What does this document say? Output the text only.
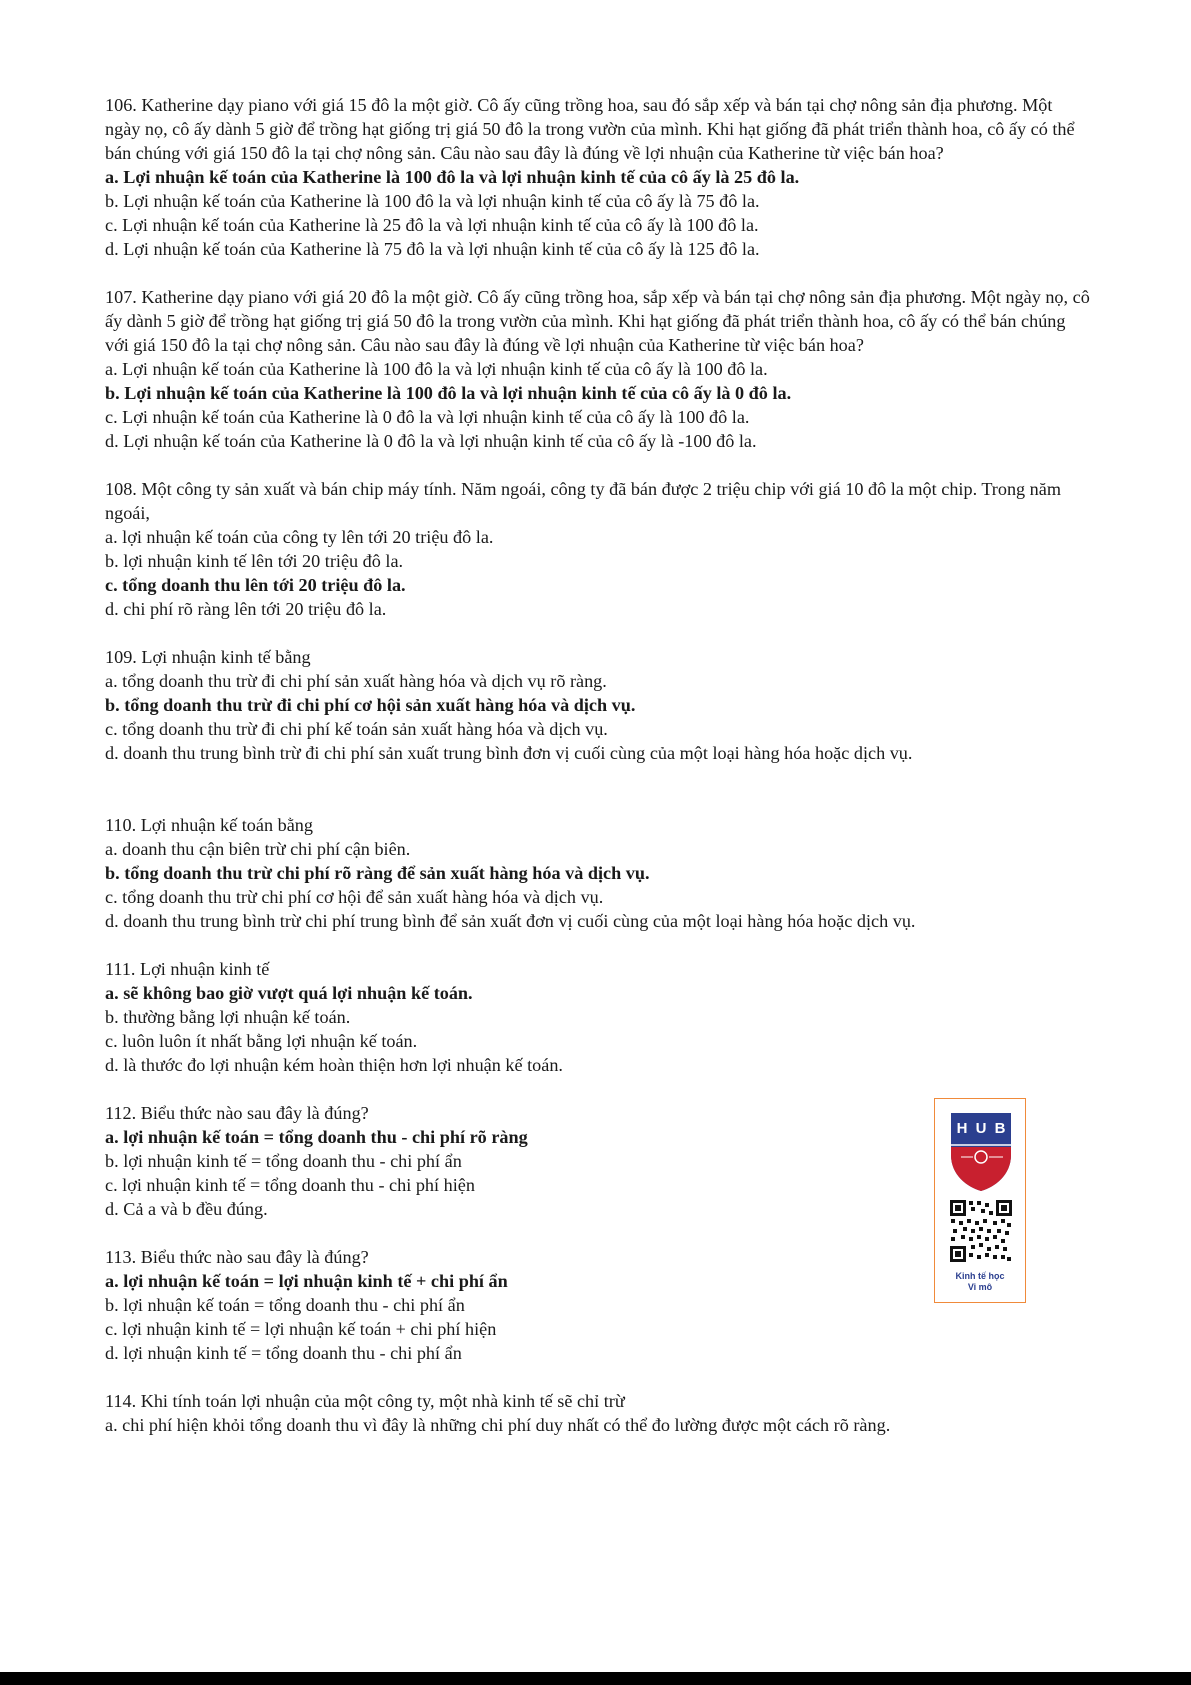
106. Katherine dạy piano với giá 15 đô la một giờ. Cô ấy cũng trồng hoa, sau đó sắp xếp và bán tại chợ nông sản địa phương. Một ngày nọ, cô ấy dành 5 giờ để trồng hạt giống trị giá 50 đô la trong vườn của mình. Khi hạt giống đã phát triển thành hoa, cô ấy có thể bán chúng với giá 150 đô la tại chợ nông sản. Câu nào sau đây là đúng về lợi nhuận của Katherine từ việc bán hoa?

a. Lợi nhuận kế toán của Katherine là 100 đô la và lợi nhuận kinh tế của cô ấy là 25 đô la.

b. Lợi nhuận kế toán của Katherine là 100 đô la và lợi nhuận kinh tế của cô ấy là 75 đô la.

c. Lợi nhuận kế toán của Katherine là 25 đô la và lợi nhuận kinh tế của cô ấy là 100 đô la.

d. Lợi nhuận kế toán của Katherine là 75 đô la và lợi nhuận kinh tế của cô ấy là 125 đô la.

107. Katherine dạy piano với giá 20 đô la một giờ. Cô ấy cũng trồng hoa, sắp xếp và bán tại chợ nông sản địa phương. Một ngày nọ, cô ấy dành 5 giờ để trồng hạt giống trị giá 50 đô la trong vườn của mình. Khi hạt giống đã phát triển thành hoa, cô ấy có thể bán chúng với giá 150 đô la tại chợ nông sản. Câu nào sau đây là đúng về lợi nhuận của Katherine từ việc bán hoa?

a. Lợi nhuận kế toán của Katherine là 100 đô la và lợi nhuận kinh tế của cô ấy là 100 đô la.

b. Lợi nhuận kế toán của Katherine là 100 đô la và lợi nhuận kinh tế của cô ấy là 0 đô la.

c. Lợi nhuận kế toán của Katherine là 0 đô la và lợi nhuận kinh tế của cô ấy là 100 đô la.

d. Lợi nhuận kế toán của Katherine là 0 đô la và lợi nhuận kinh tế của cô ấy là -100 đô la.

108. Một công ty sản xuất và bán chip máy tính. Năm ngoái, công ty đã bán được 2 triệu chip với giá 10 đô la một chip. Trong năm ngoái,

a. lợi nhuận kế toán của công ty lên tới 20 triệu đô la.

b. lợi nhuận kinh tế lên tới 20 triệu đô la.

c. tổng doanh thu lên tới 20 triệu đô la.

d. chi phí rõ ràng lên tới 20 triệu đô la.

109. Lợi nhuận kinh tế bằng

a. tổng doanh thu trừ đi chi phí sản xuất hàng hóa và dịch vụ rõ ràng.

b. tổng doanh thu trừ đi chi phí cơ hội sản xuất hàng hóa và dịch vụ.

c. tổng doanh thu trừ đi chi phí kế toán sản xuất hàng hóa và dịch vụ.

d. doanh thu trung bình trừ đi chi phí sản xuất trung bình đơn vị cuối cùng của một loại hàng hóa hoặc dịch vụ.

110. Lợi nhuận kế toán bằng

a. doanh thu cận biên trừ chi phí cận biên.

b. tổng doanh thu trừ chi phí rõ ràng để sản xuất hàng hóa và dịch vụ.

c. tổng doanh thu trừ chi phí cơ hội để sản xuất hàng hóa và dịch vụ.

d. doanh thu trung bình trừ chi phí trung bình để sản xuất đơn vị cuối cùng của một loại hàng hóa hoặc dịch vụ.

111. Lợi nhuận kinh tế

a. sẽ không bao giờ vượt quá lợi nhuận kế toán.

b. thường bằng lợi nhuận kế toán.

c. luôn luôn ít nhất bằng lợi nhuận kế toán.

d. là thước đo lợi nhuận kém hoàn thiện hơn lợi nhuận kế toán.

112. Biểu thức nào sau đây là đúng?

a. lợi nhuận kế toán = tổng doanh thu - chi phí rõ ràng

b. lợi nhuận kinh tế = tổng doanh thu - chi phí ẩn

c. lợi nhuận kinh tế = tổng doanh thu - chi phí hiện

d. Cả a và b đều đúng.

113. Biểu thức nào sau đây là đúng?

a. lợi nhuận kế toán = lợi nhuận kinh tế + chi phí ẩn

b. lợi nhuận kế toán = tổng doanh thu - chi phí ẩn

c. lợi nhuận kinh tế = lợi nhuận kế toán + chi phí hiện

d. lợi nhuận kinh tế = tổng doanh thu - chi phí ẩn

114. Khi tính toán lợi nhuận của một công ty, một nhà kinh tế sẽ chỉ trừ

a. chi phí hiện khỏi tổng doanh thu vì đây là những chi phí duy nhất có thể đo lường được một cách rõ ràng.

H U B
Kinh tế học
Vi mô
